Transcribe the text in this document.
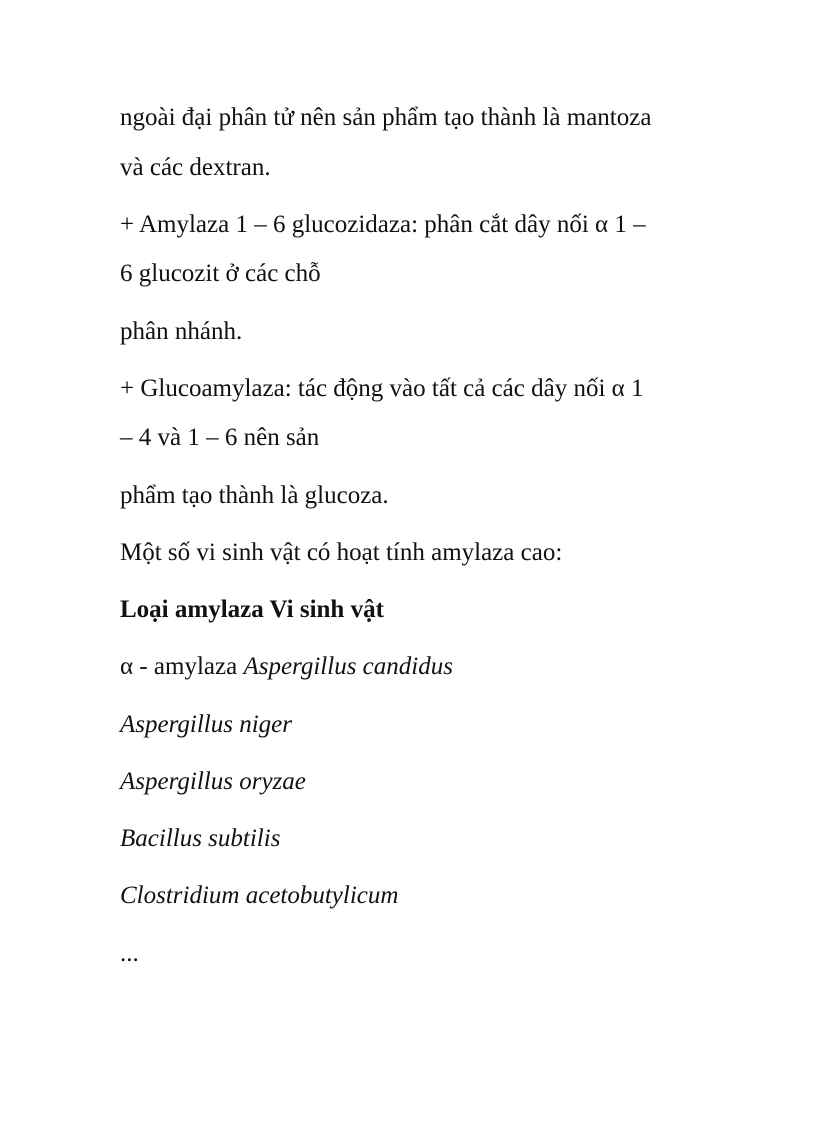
ngoài đại phân tử nên sản phẩm tạo thành là mantoza
và các dextran.
+ Amylaza 1 – 6 glucozidaza: phân cắt dây nối α 1 –
6 glucozit ở các chỗ
phân nhánh.
+ Glucoamylaza: tác động vào tất cả các dây nối α 1
– 4 và 1 – 6 nên sản
phẩm tạo thành là glucoza.
Một số vi sinh vật có hoạt tính amylaza cao:
Loại amylaza Vi sinh vật
α - amylaza Aspergillus candidus
Aspergillus niger
Aspergillus oryzae
Bacillus subtilis
Clostridium acetobutylicum
...
